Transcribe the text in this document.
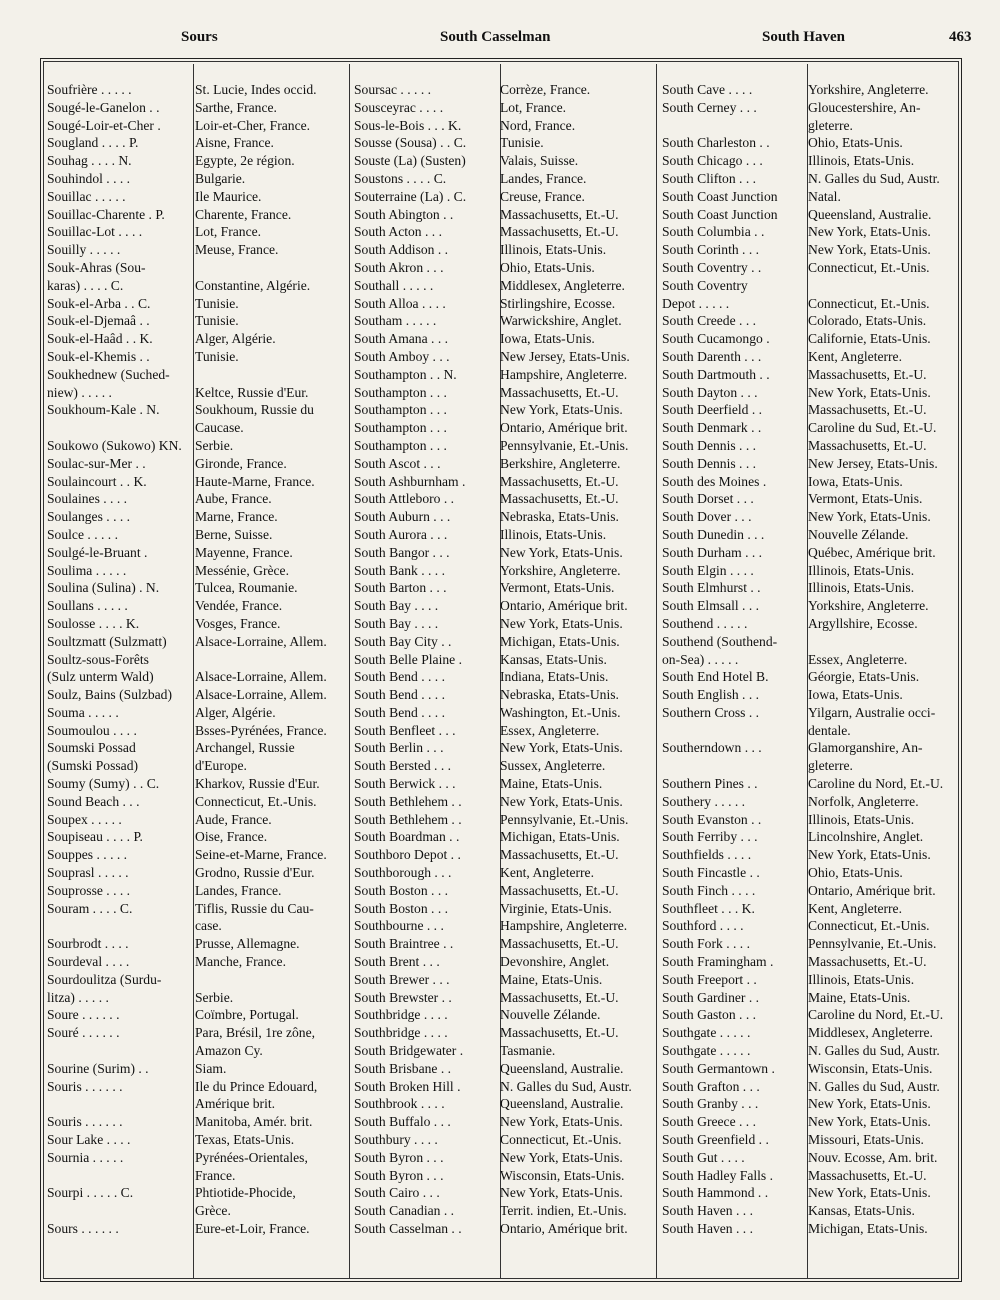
Sours	South Casselman	South Haven	463
Soufrière . . . . .	St. Lucie, Indes occid.
Sougé-le-Ganelon . .	Sarthe, France.
Sougé-Loir-et-Cher .	Loir-et-Cher, France.
Sougland . . . . P.	Aisne, France.
Souhag . . . . N.	Egypte, 2e région.
Souhindol . . . .	Bulgarie.
Souillac . . . . .	Ile Maurice.
Souillac-Charente . P.	Charente, France.
Souillac-Lot . . . .	Lot, France.
Souilly . . . . .	Meuse, France.
Souk-Ahras (Sou-
karas) . . . . C.	Constantine, Algérie.
Souk-el-Arba . . C.	Tunisie.
Souk-el-Djemaâ . .	Tunisie.
Souk-el-Haâd . . K.	Alger, Algérie.
Souk-el-Khemis . .	Tunisie.
Soukhednew (Suched-
niew) . . . . .	Keltce, Russie d'Eur.
Soukhoum-Kale . N.	Soukhoum, Russie du
Caucase.
Soukowo (Sukowo) KN. Serbie.
Soulac-sur-Mer . .	Gironde, France.
Soulaincourt . . K.	Haute-Marne, France.
Soulaines . . . .	Aube, France.
Soulanges . . . .	Marne, France.
Soulce . . . . .	Berne, Suisse.
Soulgé-le-Bruant .	Mayenne, France.
Soulima . . . . .	Messénie, Grèce.
Soulina (Sulina) . N.	Tulcea, Roumanie.
Soullans . . . . .	Vendée, France.
Soulosse . . . . K.	Vosges, France.
Soultzmatt (Sulzmatt)	Alsace-Lorraine, Allem.
Soultz-sous-Forêts
(Sulz unterm Wald)	Alsace-Lorraine, Allem.
Soulz, Bains (Sulzbad)	Alsace-Lorraine, Allem.
Souma . . . . .	Alger, Algérie.
Soumoulou . . . .	Bsses-Pyrénées, France.
Soumski Possad	Archangel, Russie
(Sumski Possad)	d'Europe.
Soumy (Sumy) . . C.	Kharkov, Russie d'Eur.
Sound Beach . . .	Connecticut, Et.-Unis.
Soupex . . . . .	Aude, France.
Soupiseau . . . . P.	Oise, France.
Souppes . . . . .	Seine-et-Marne, France.
Souprasl . . . . .	Grodno, Russie d'Eur.
Souprosse . . . .	Landes, France.
Souram . . . . C.	Tiflis, Russie du Cau-
case.
Sourbrodt . . . .	Prusse, Allemagne.
Sourdeval . . . .	Manche, France.
Sourdoulitza (Surdu-
litza) . . . . .	Serbie.
Soure . . . . . .	Coïmbre, Portugal.
Souré . . . . . .	Para, Brésil, 1re zône,
Amazon Cy.
Sourine (Surim) . .	Siam.
Souris . . . . . .	Ile du Prince Edouard,
Amérique brit.
Souris . . . . . .	Manitoba, Amér. brit.
Sour Lake . . . .	Texas, Etats-Unis.
Sournia . . . . .	Pyrénées-Orientales,
France.
Sourpi . . . . . C.	Phtiotide-Phocide,
Grèce.
Sours . . . . . .	Eure-et-Loir, France.
Soursac . . . . .	Corrèze, France.
Sousceyrac . . . .	Lot, France.
Sous-le-Bois . . . K.	Nord, France.
Sousse (Sousa) . . C.	Tunisie.
Souste (La) (Susten)	Valais, Suisse.
Soustons . . . . C.	Landes, France.
Souterraine (La) . C.	Creuse, France.
South Abington . .	Massachusetts, Et.-U.
South Acton . . .	Massachusetts, Et.-U.
South Addison . .	Illinois, Etats-Unis.
South Akron . . .	Ohio, Etats-Unis.
Southall . . . . .	Middlesex, Angleterre.
South Alloa . . . .	Stirlingshire, Ecosse.
Southam . . . . .	Warwickshire, Anglet.
South Amana . . .	Iowa, Etats-Unis.
South Amboy . . .	New Jersey, Etats-Unis.
Southampton . . N.	Hampshire, Angleterre.
Southampton . . .	Massachusetts, Et.-U.
Southampton . . .	New York, Etats-Unis.
Southampton . . .	Ontario, Amérique brit.
Southampton . . .	Pennsylvanie, Et.-Unis.
South Ascot . . .	Berkshire, Angleterre.
South Ashburnham .	Massachusetts, Et.-U.
South Attleboro . .	Massachusetts, Et.-U.
South Auburn . . .	Nebraska, Etats-Unis.
South Aurora . . .	Illinois, Etats-Unis.
South Bangor . . .	New York, Etats-Unis.
South Bank . . . .	Yorkshire, Angleterre.
South Barton . . .	Vermont, Etats-Unis.
South Bay . . . .	Ontario, Amérique brit.
South Bay . . . .	New York, Etats-Unis.
South Bay City . .	Michigan, Etats-Unis.
South Belle Plaine .	Kansas, Etats-Unis.
South Bend . . . .	Indiana, Etats-Unis.
South Bend . . . .	Nebraska, Etats-Unis.
South Bend . . . .	Washington, Et.-Unis.
South Benfleet . . .	Essex, Angleterre.
South Berlin . . .	New York, Etats-Unis.
South Bersted . . .	Sussex, Angleterre.
South Berwick . . .	Maine, Etats-Unis.
South Bethlehem . .	New York, Etats-Unis.
South Bethlehem . .	Pennsylvanie, Et.-Unis.
South Boardman . .	Michigan, Etats-Unis.
Southboro Depot . .	Massachusetts, Et.-U.
Southborough . . .	Kent, Angleterre.
South Boston . . .	Massachusetts, Et.-U.
South Boston . . .	Virginie, Etats-Unis.
Southbourne . . .	Hampshire, Angleterre.
South Braintree . .	Massachusetts, Et.-U.
South Brent . . .	Devonshire, Anglet.
South Brewer . . .	Maine, Etats-Unis.
South Brewster . .	Massachusetts, Et.-U.
Southbridge . . . .	Nouvelle Zélande.
Southbridge . . . .	Massachusetts, Et.-U.
South Bridgewater .	Tasmanie.
South Brisbane . .	Queensland, Australie.
South Broken Hill .	N. Galles du Sud, Austr.
Southbrook . . . .	Queensland, Australie.
South Buffalo . . .	New York, Etats-Unis.
Southbury . . . .	Connecticut, Et.-Unis.
South Byron . . .	New York, Etats-Unis.
South Byron . . .	Wisconsin, Etats-Unis.
South Cairo . . .	New York, Etats-Unis.
South Canadian . .	Territ. indien, Et.-Unis.
South Casselman . .	Ontario, Amérique brit.
South Cave . . . .	Yorkshire, Angleterre.
South Cerney . . .	Gloucestershire, An-
gleterre.
South Charleston . .	Ohio, Etats-Unis.
South Chicago . . .	Illinois, Etats-Unis.
South Clifton . . .	N. Galles du Sud, Austr.
South Coast Junction	Natal.
South Coast Junction	Queensland, Australie.
South Columbia . .	New York, Etats-Unis.
South Corinth . . .	New York, Etats-Unis.
South Coventry . .	Connecticut, Et.-Unis.
South Coventry
Depot . . . . .	Connecticut, Et.-Unis.
South Creede . . .	Colorado, Etats-Unis.
South Cucamongo .	Californie, Etats-Unis.
South Darenth . . .	Kent, Angleterre.
South Dartmouth . .	Massachusetts, Et.-U.
South Dayton . . .	New York, Etats-Unis.
South Deerfield . .	Massachusetts, Et.-U.
South Denmark . .	Caroline du Sud, Et.-U.
South Dennis . . .	Massachusetts, Et.-U.
South Dennis . . .	New Jersey, Etats-Unis.
South des Moines .	Iowa, Etats-Unis.
South Dorset . . .	Vermont, Etats-Unis.
South Dover . . .	New York, Etats-Unis.
South Dunedin . . .	Nouvelle Zélande.
South Durham . . .	Québec, Amérique brit.
South Elgin . . . .	Illinois, Etats-Unis.
South Elmhurst . .	Illinois, Etats-Unis.
South Elmsall . . .	Yorkshire, Angleterre.
Southend . . . . .	Argyllshire, Ecosse.
Southend (Southend-
on-Sea) . . . . .	Essex, Angleterre.
South End Hotel B.	Géorgie, Etats-Unis.
South English . . .	Iowa, Etats-Unis.
Southern Cross . .	Yilgarn, Australie occi-
dentale.
Southerndown . . .	Glamorganshire, An-
gleterre.
Southern Pines . .	Caroline du Nord, Et.-U.
Southery . . . . .	Norfolk, Angleterre.
South Evanston . .	Illinois, Etats-Unis.
South Ferriby . . .	Lincolnshire, Anglet.
Southfields . . . .	New York, Etats-Unis.
South Fincastle . .	Ohio, Etats-Unis.
South Finch . . . .	Ontario, Amérique brit.
Southfleet . . . K.	Kent, Angleterre.
Southford . . . .	Connecticut, Et.-Unis.
South Fork . . . .	Pennsylvanie, Et.-Unis.
South Framingham .	Massachusetts, Et.-U.
South Freeport . .	Illinois, Etats-Unis.
South Gardiner . .	Maine, Etats-Unis.
South Gaston . . .	Caroline du Nord, Et.-U.
Southgate . . . . .	Middlesex, Angleterre.
Southgate . . . . .	N. Galles du Sud, Austr.
South Germantown .	Wisconsin, Etats-Unis.
South Grafton . . .	N. Galles du Sud, Austr.
South Granby . . .	New York, Etats-Unis.
South Greece . . .	New York, Etats-Unis.
South Greenfield . .	Missouri, Etats-Unis.
South Gut . . . .	Nouv. Ecosse, Am. brit.
South Hadley Falls .	Massachusetts, Et.-U.
South Hammond . .	New York, Etats-Unis.
South Haven . . .	Kansas, Etats-Unis.
South Haven . . .	Michigan, Etats-Unis.
